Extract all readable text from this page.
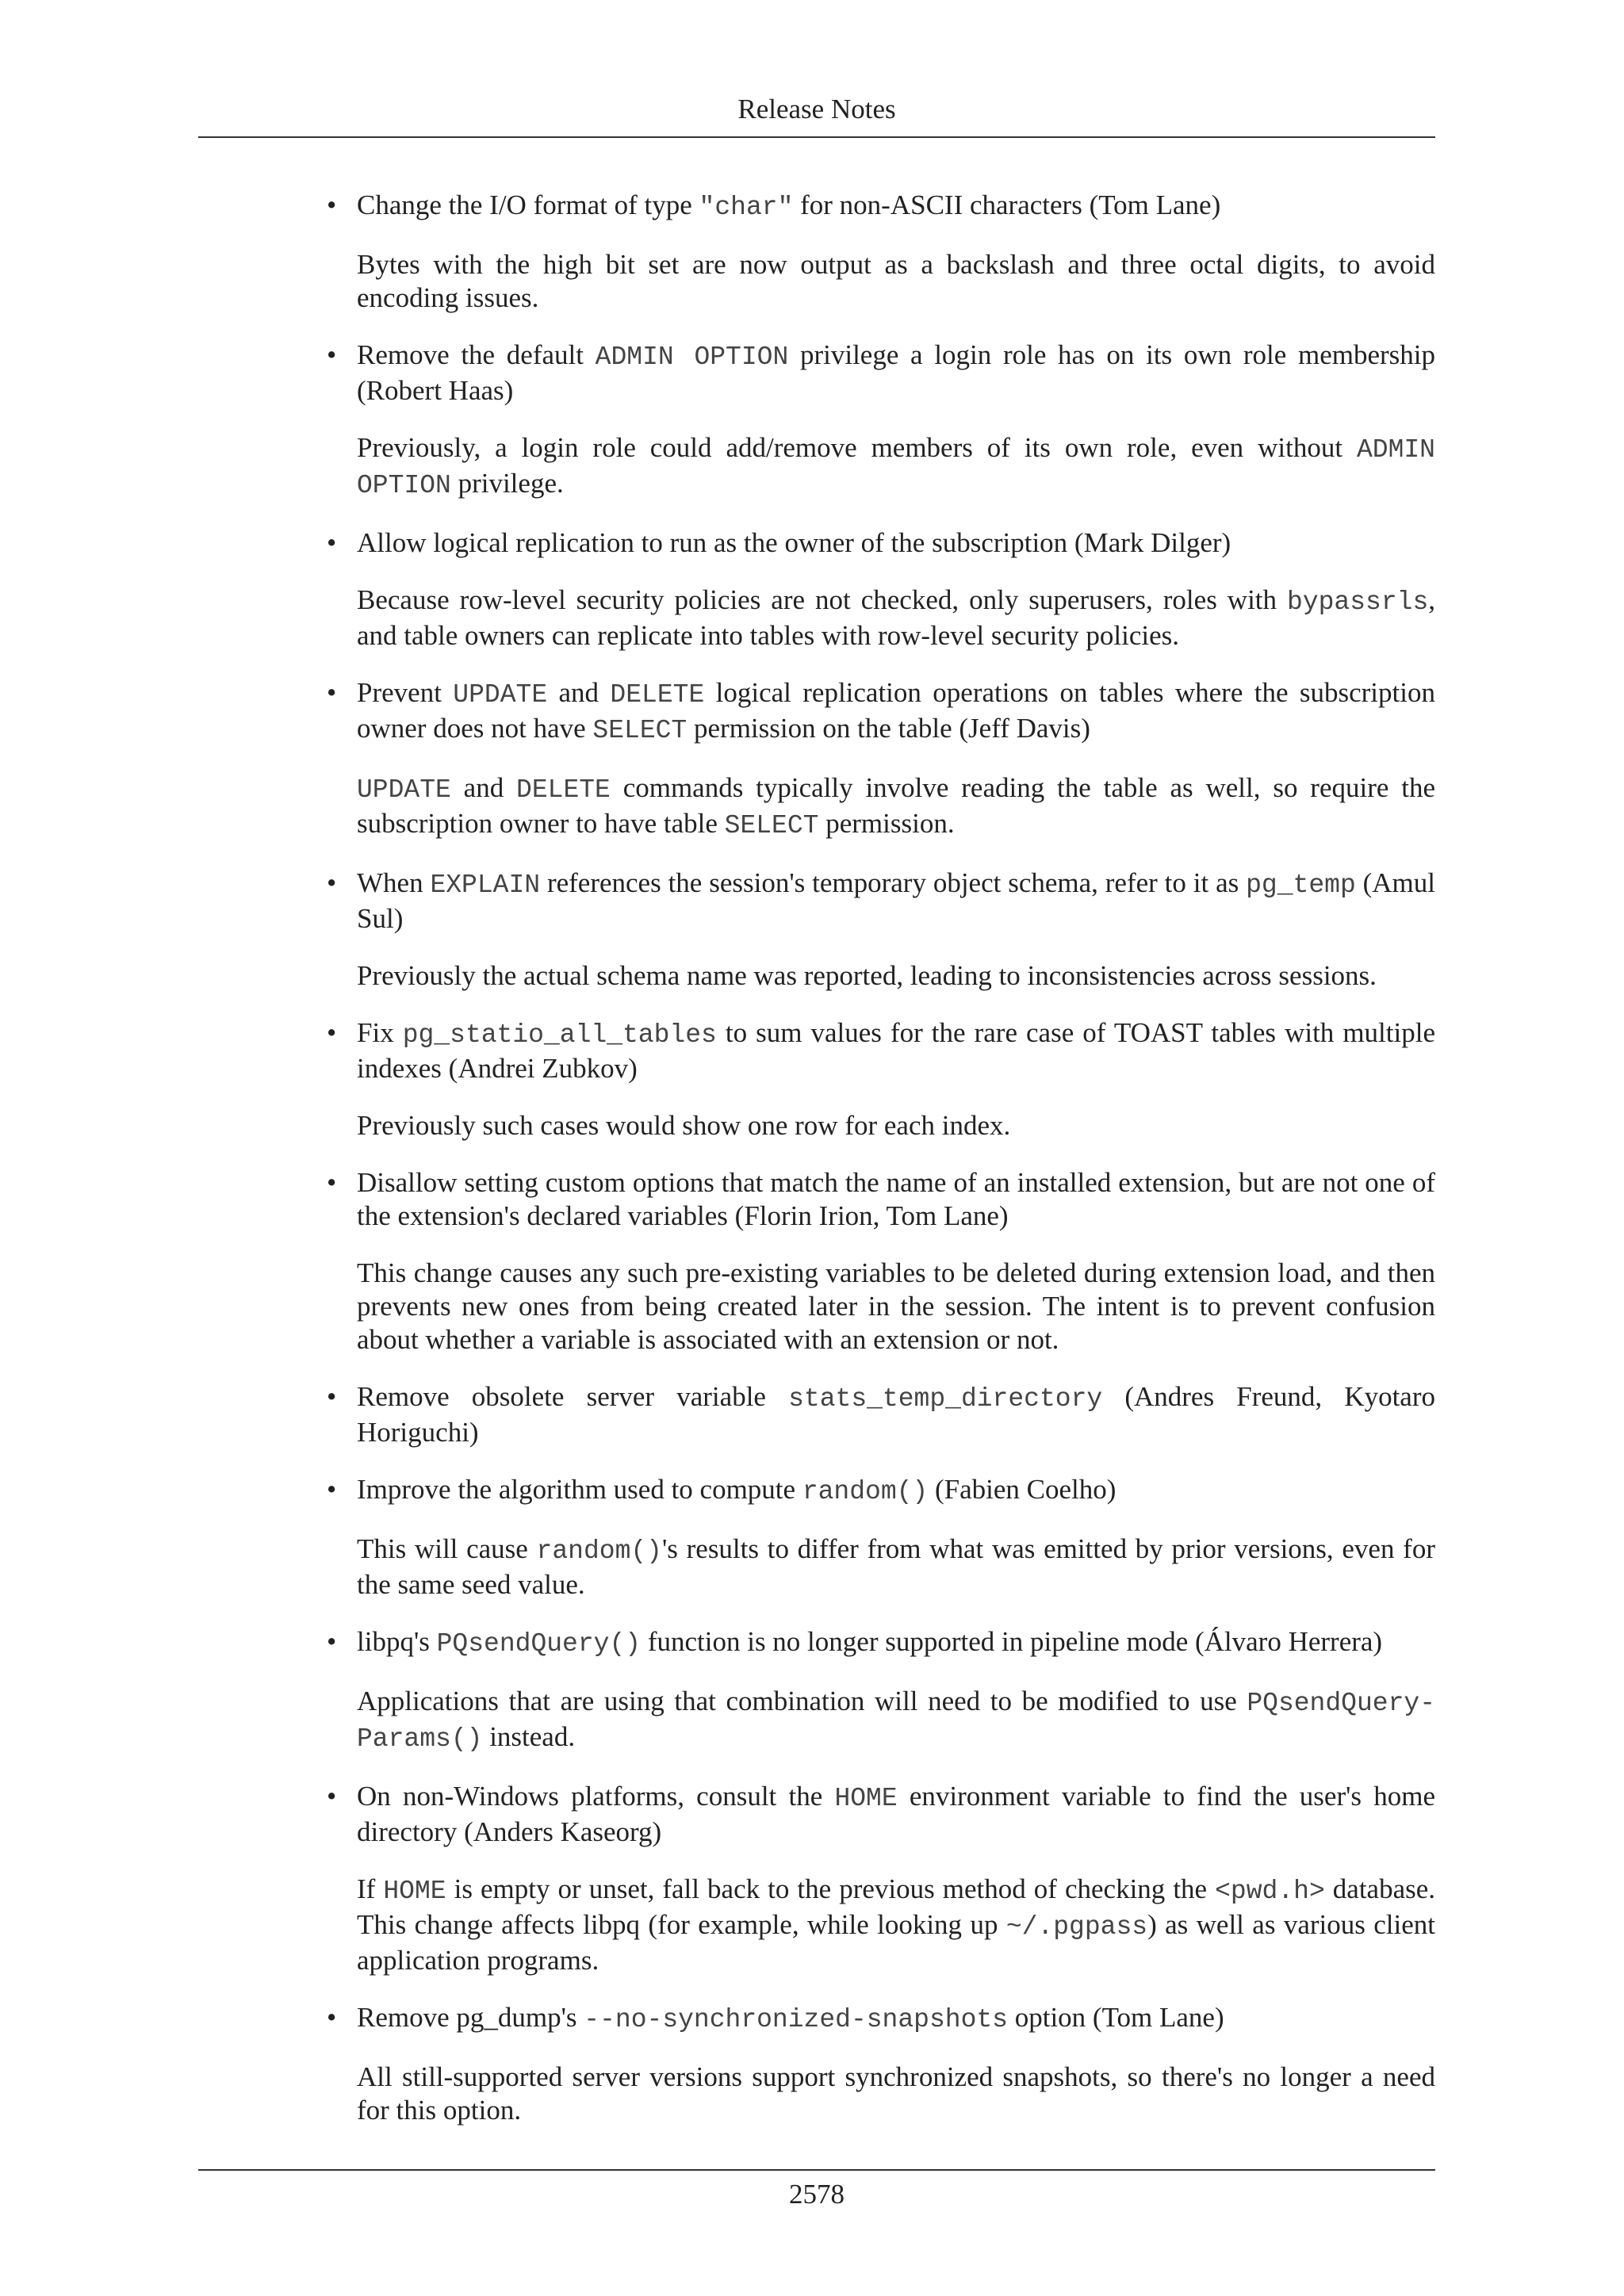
Release Notes
• Change the I/O format of type "char" for non-ASCII characters (Tom Lane)

Bytes with the high bit set are now output as a backslash and three octal digits, to avoid encoding issues.

• Remove the default ADMIN OPTION privilege a login role has on its own role membership (Robert Haas)

Previously, a login role could add/remove members of its own role, even without ADMIN OPTION privilege.

• Allow logical replication to run as the owner of the subscription (Mark Dilger)

Because row-level security policies are not checked, only superusers, roles with bypassrls, and table owners can replicate into tables with row-level security policies.

• Prevent UPDATE and DELETE logical replication operations on tables where the subscription owner does not have SELECT permission on the table (Jeff Davis)

UPDATE and DELETE commands typically involve reading the table as well, so require the subscription owner to have table SELECT permission.

• When EXPLAIN references the session's temporary object schema, refer to it as pg_temp (Amul Sul)

Previously the actual schema name was reported, leading to inconsistencies across sessions.

• Fix pg_statio_all_tables to sum values for the rare case of TOAST tables with multiple indexes (Andrei Zubkov)

Previously such cases would show one row for each index.

• Disallow setting custom options that match the name of an installed extension, but are not one of the extension's declared variables (Florin Irion, Tom Lane)

This change causes any such pre-existing variables to be deleted during extension load, and then prevents new ones from being created later in the session. The intent is to prevent confusion about whether a variable is associated with an extension or not.

• Remove obsolete server variable stats_temp_directory (Andres Freund, Kyotaro Horiguchi)

• Improve the algorithm used to compute random() (Fabien Coelho)

This will cause random()'s results to differ from what was emitted by prior versions, even for the same seed value.

• libpq's PQsendQuery() function is no longer supported in pipeline mode (Álvaro Herrera)

Applications that are using that combination will need to be modified to use PQsendQueryParams() instead.

• On non-Windows platforms, consult the HOME environment variable to find the user's home directory (Anders Kaseorg)

If HOME is empty or unset, fall back to the previous method of checking the <pwd.h> database. This change affects libpq (for example, while looking up ~/.pgpass) as well as various client application programs.

• Remove pg_dump's --no-synchronized-snapshots option (Tom Lane)

All still-supported server versions support synchronized snapshots, so there's no longer a need for this option.

2578
